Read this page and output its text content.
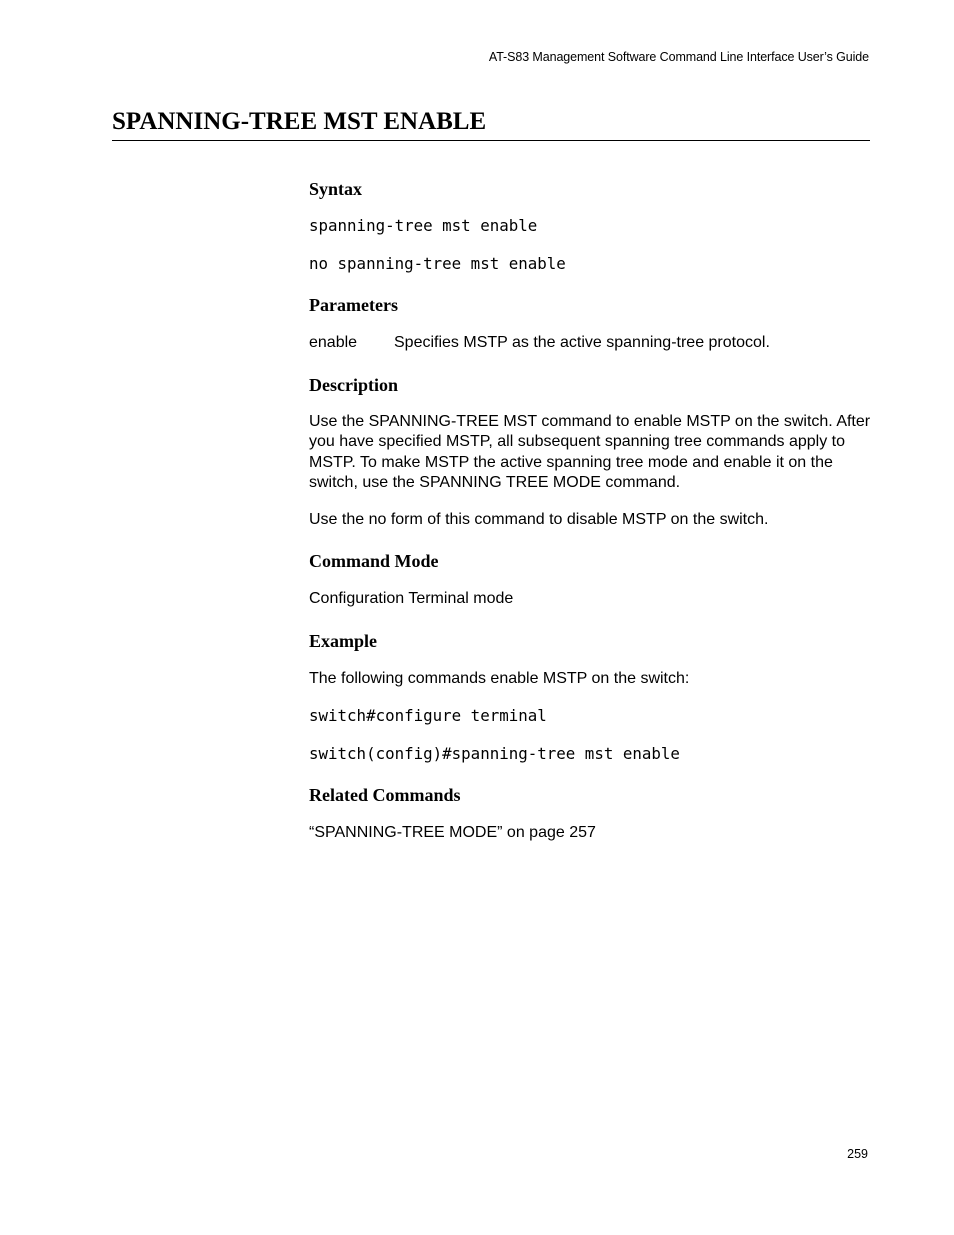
AT-S83 Management Software Command Line Interface User’s Guide
SPANNING-TREE MST ENABLE
Syntax

spanning-tree mst enable

no spanning-tree mst enable

Parameters
enable	Specifies MSTP as the active spanning-tree protocol.
Description

Use the SPANNING-TREE MST command to enable MSTP on the switch. After you have specified MSTP, all subsequent spanning tree commands apply to MSTP. To make MSTP the active spanning tree mode and enable it on the switch, use the SPANNING TREE MODE command.

Use the no form of this command to disable MSTP on the switch.

Command Mode

Configuration Terminal mode

Example

The following commands enable MSTP on the switch:

switch#configure terminal

switch(config)#spanning-tree mst enable

Related Commands

“SPANNING-TREE MODE” on page 257

259
